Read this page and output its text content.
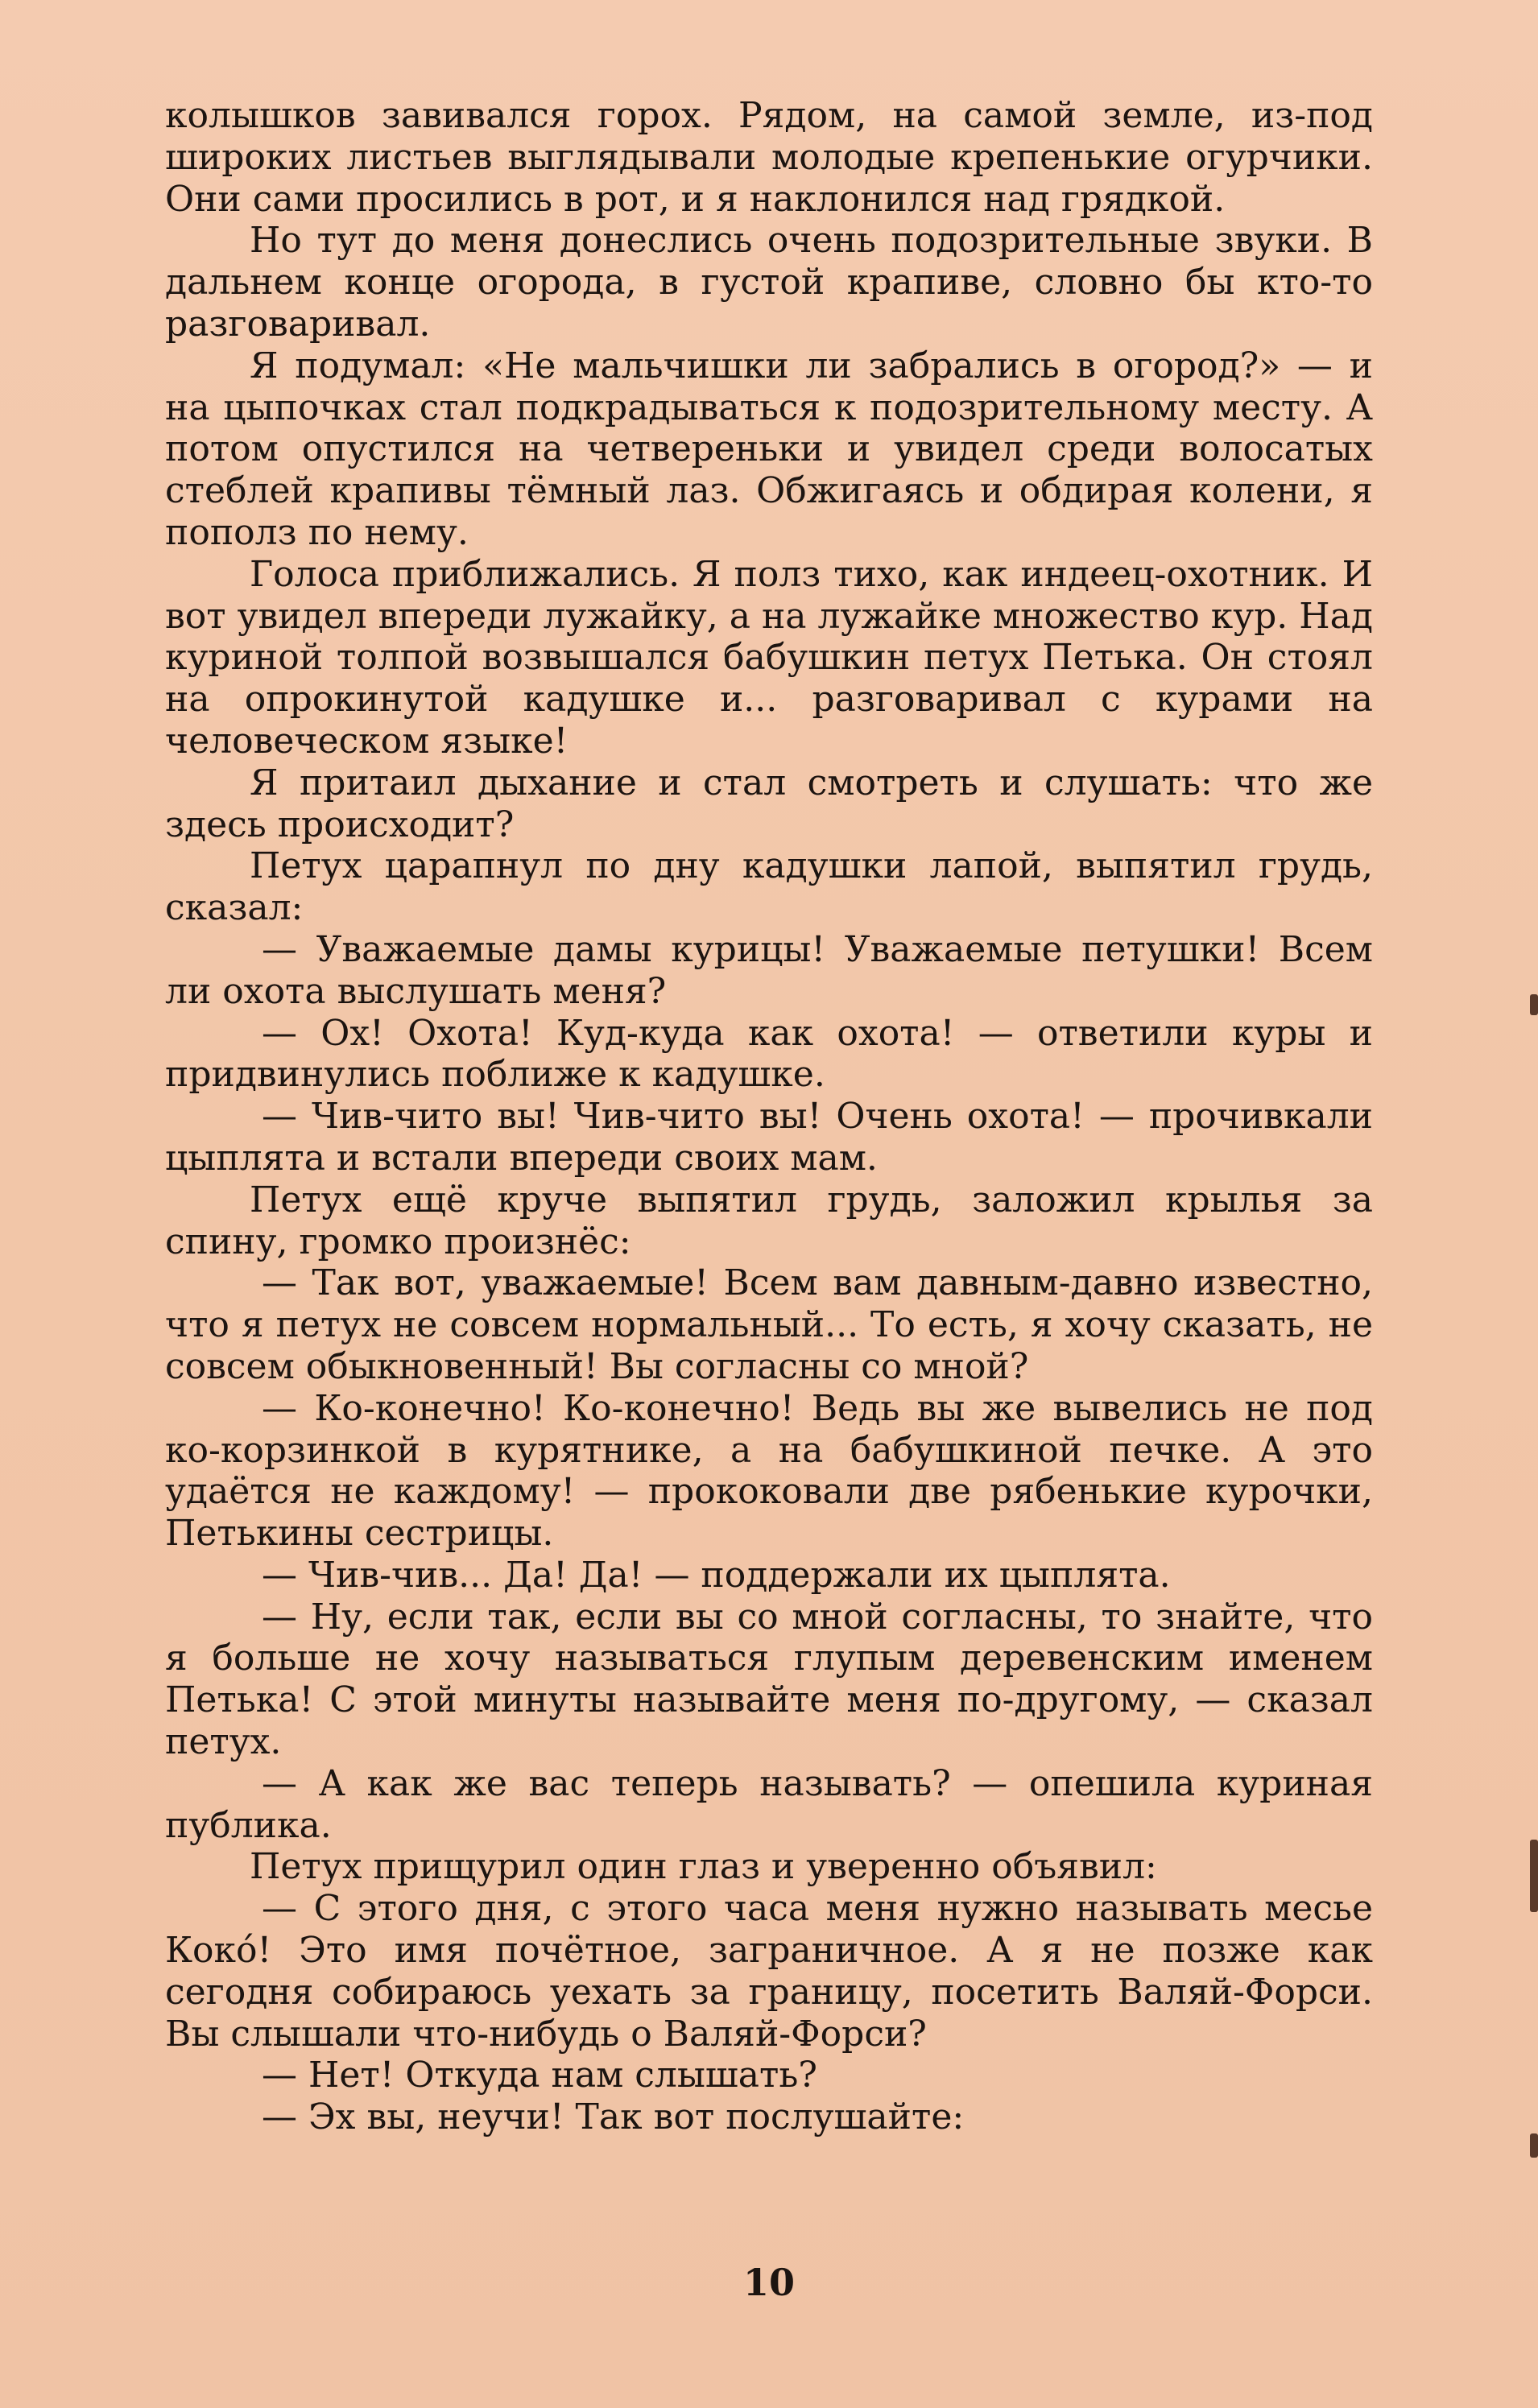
колышков завивался горох. Рядом, на самой земле, из-под широких листьев выглядывали молодые крепенькие огурчики. Они сами просились в рот, и я наклонился над грядкой.

Но тут до меня донеслись очень подозрительные звуки. В дальнем конце огорода, в густой крапиве, словно бы кто-то разговаривал.

Я подумал: «Не мальчишки ли забрались в огород?» — и на цыпочках стал подкрадываться к подозрительному месту. А потом опустился на четвереньки и увидел среди волосатых стеблей крапивы тёмный лаз. Обжигаясь и обдирая колени, я пополз по нему.

Голоса приближались. Я полз тихо, как индеец-охотник. И вот увидел впереди лужайку, а на лужайке множество кур. Над куриной толпой возвышался бабушкин петух Петька. Он стоял на опрокинутой кадушке и... разговаривал с курами на человеческом языке!

Я притаил дыхание и стал смотреть и слушать: что же здесь происходит?

Петух царапнул по дну кадушки лапой, выпятил грудь, сказал:

— Уважаемые дамы курицы! Уважаемые петушки! Всем ли охота выслушать меня?

— Ох! Охота! Куд-куда как охота! — ответили куры и придвинулись поближе к кадушке.

— Чив-чито вы! Чив-чито вы! Очень охота! — прочивкали цыплята и встали впереди своих мам.

Петух ещё круче выпятил грудь, заложил крылья за спину, громко произнёс:

— Так вот, уважаемые! Всем вам давным-давно известно, что я петух не совсем нормальный... То есть, я хочу сказать, не совсем обыкновенный! Вы согласны со мной?

— Ко-конечно! Ко-конечно! Ведь вы же вывелись не под ко-корзинкой в курятнике, а на бабушкиной печке. А это удаётся не каждому! — прококовали две рябенькие курочки, Петькины сестрицы.

— Чив-чив... Да! Да! — поддержали их цыплята.

— Ну, если так, если вы со мной согласны, то знайте, что я больше не хочу называться глупым деревенским именем Петька! С этой минуты называйте меня по-другому, — сказал петух.

— А как же вас теперь называть? — опешила куриная публика.

Петух прищурил один глаз и уверенно объявил:

— С этого дня, с этого часа меня нужно называть месье Кокó! Это имя почётное, заграничное. А я не позже как сегодня собираюсь уехать за границу, посетить Валяй-Форси. Вы слышали что-нибудь о Валяй-Форси?

— Нет! Откуда нам слышать?

— Эх вы, неучи! Так вот послушайте:

10
